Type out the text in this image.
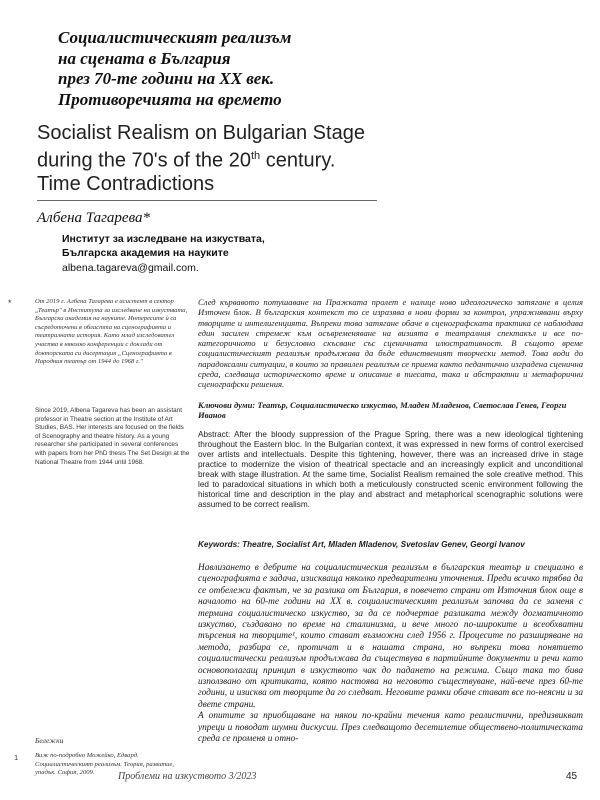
Социалистическият реализъм
на сцената в България
през 70-те години на XX век.
Противоречията на времето
Socialist Realism on Bulgarian Stage
during the 70's of the 20th century.
Time Contradictions
Албена Тагарева*
Институт за изследване на изкуствата,
Българска академия на науките
albena.tagareva@gmail.com.
*	От 2019 г. Албена Тагарева е асистент в сектор „Театър" в Института за изследване на изкуствата, Българска академия на науките. Интересите ѝ са съсредоточени в областта на сценографията и театралната история. Като млад изследовател участва в няколко конференции с доклади от докторската си дисертация „Сценографията в Народния театър от 1944 до 1968 г."
Since 2019, Albena Tagareva has been an assistant professor in Theatre section at the Institute of Art Studies, BAS. Her interests are focused on the fields of Scenography and theatre history. As a young researcher she participated in several conferences with papers from her PhD thesis The Set Design at the National Theatre from 1944 until 1968.
След кървавото потушаване на Пражката пролет е налице ново идеологическо затягане в целия Източен блок. В българския контекст то се изразява в нови форми за контрол, упражнявани върху творците и интелигенцията. Въпреки това затягане обаче в сценографската практика се наблюдава един засилен стремеж към осъвременяване на визията в театралния спектакъл и все по-категоричното и безусловно скъсване със сценичната илюстративност. В същото време социалистическият реализъм продължава да бъде единственият творчески метод. Това води до парадоксални ситуации, в които за правилен реализъм се приема както педантично изградена сценична среда, следваща историческото време и описание в пиесата, така и абстрактни и метафорични сценографски решения.
Ключови думи: Театър, Социалистическо изкуство, Младен Младенов, Светослав Генев, Георги Иванов
Abstract: After the bloody suppression of the Prague Spring, there was a new ideological tightening throughout the Eastern bloc. In the Bulgarian context, it was expressed in new forms of control exercised over artists and intellectuals. Despite this tightening, however, there was an increased drive in stage practice to modernize the vision of theatrical spectacle and an increasingly explicit and unconditional break with stage illustration. At the same time, Socialist Realism remained the sole creative method. This led to paradoxical situations in which both a meticulously constructed scenic environment following the historical time and description in the play and abstract and metaphorical scenographic solutions were assumed to be correct realism.
Keywords: Theatre, Socialist Art, Mladen Mladenov, Svetoslav Genev, Georgi Ivanov

Навлизането в дебрите на социалистическия реализъм в българския театър и специално в сценографията е задача, изискваща няколко предварителни уточнения. Преди всичко трябва да се отбележи фактът, че за разлика от България, в повечето страни от Източния блок още в началото на 60-те години на XX в. социалистическият реализъм започва да се заменя с термина социалистическо изкуство, за да се подчертае разликата между догматичното изкуство, създавано по време на сталинизма, и вече много по-широките и всеобхватни търсения на творците¹, които стават възможни след 1956 г. Процесите по разширяване на метода, разбира се, протичат и в нашата страна, но въпреки това понятието социалистически реализъм продължава да съществува в партийните документи и речи като основополагащ принцип в изкуството чак до падането на режима. Също така то бива използвано от критиката, която настоява на неговото съществуване, най-вече през 60-те години, и изисква от творците да го следват. Неговите рамки обаче стават все по-неясни и за двете страни.

А опитите за приобщаване на някои по-крайни течения като реалистични, предизвикват упреци и поводат шумни дискусии. През следващото десетилетие обществено-политическата среда се променя и отно-

Бележки
1	Виж по-подробно Можейко, Едвард. Социалистическият реализъм. Теория, развитие, упадък. София, 2009.	Проблеми на изкуството 3/2023	45
